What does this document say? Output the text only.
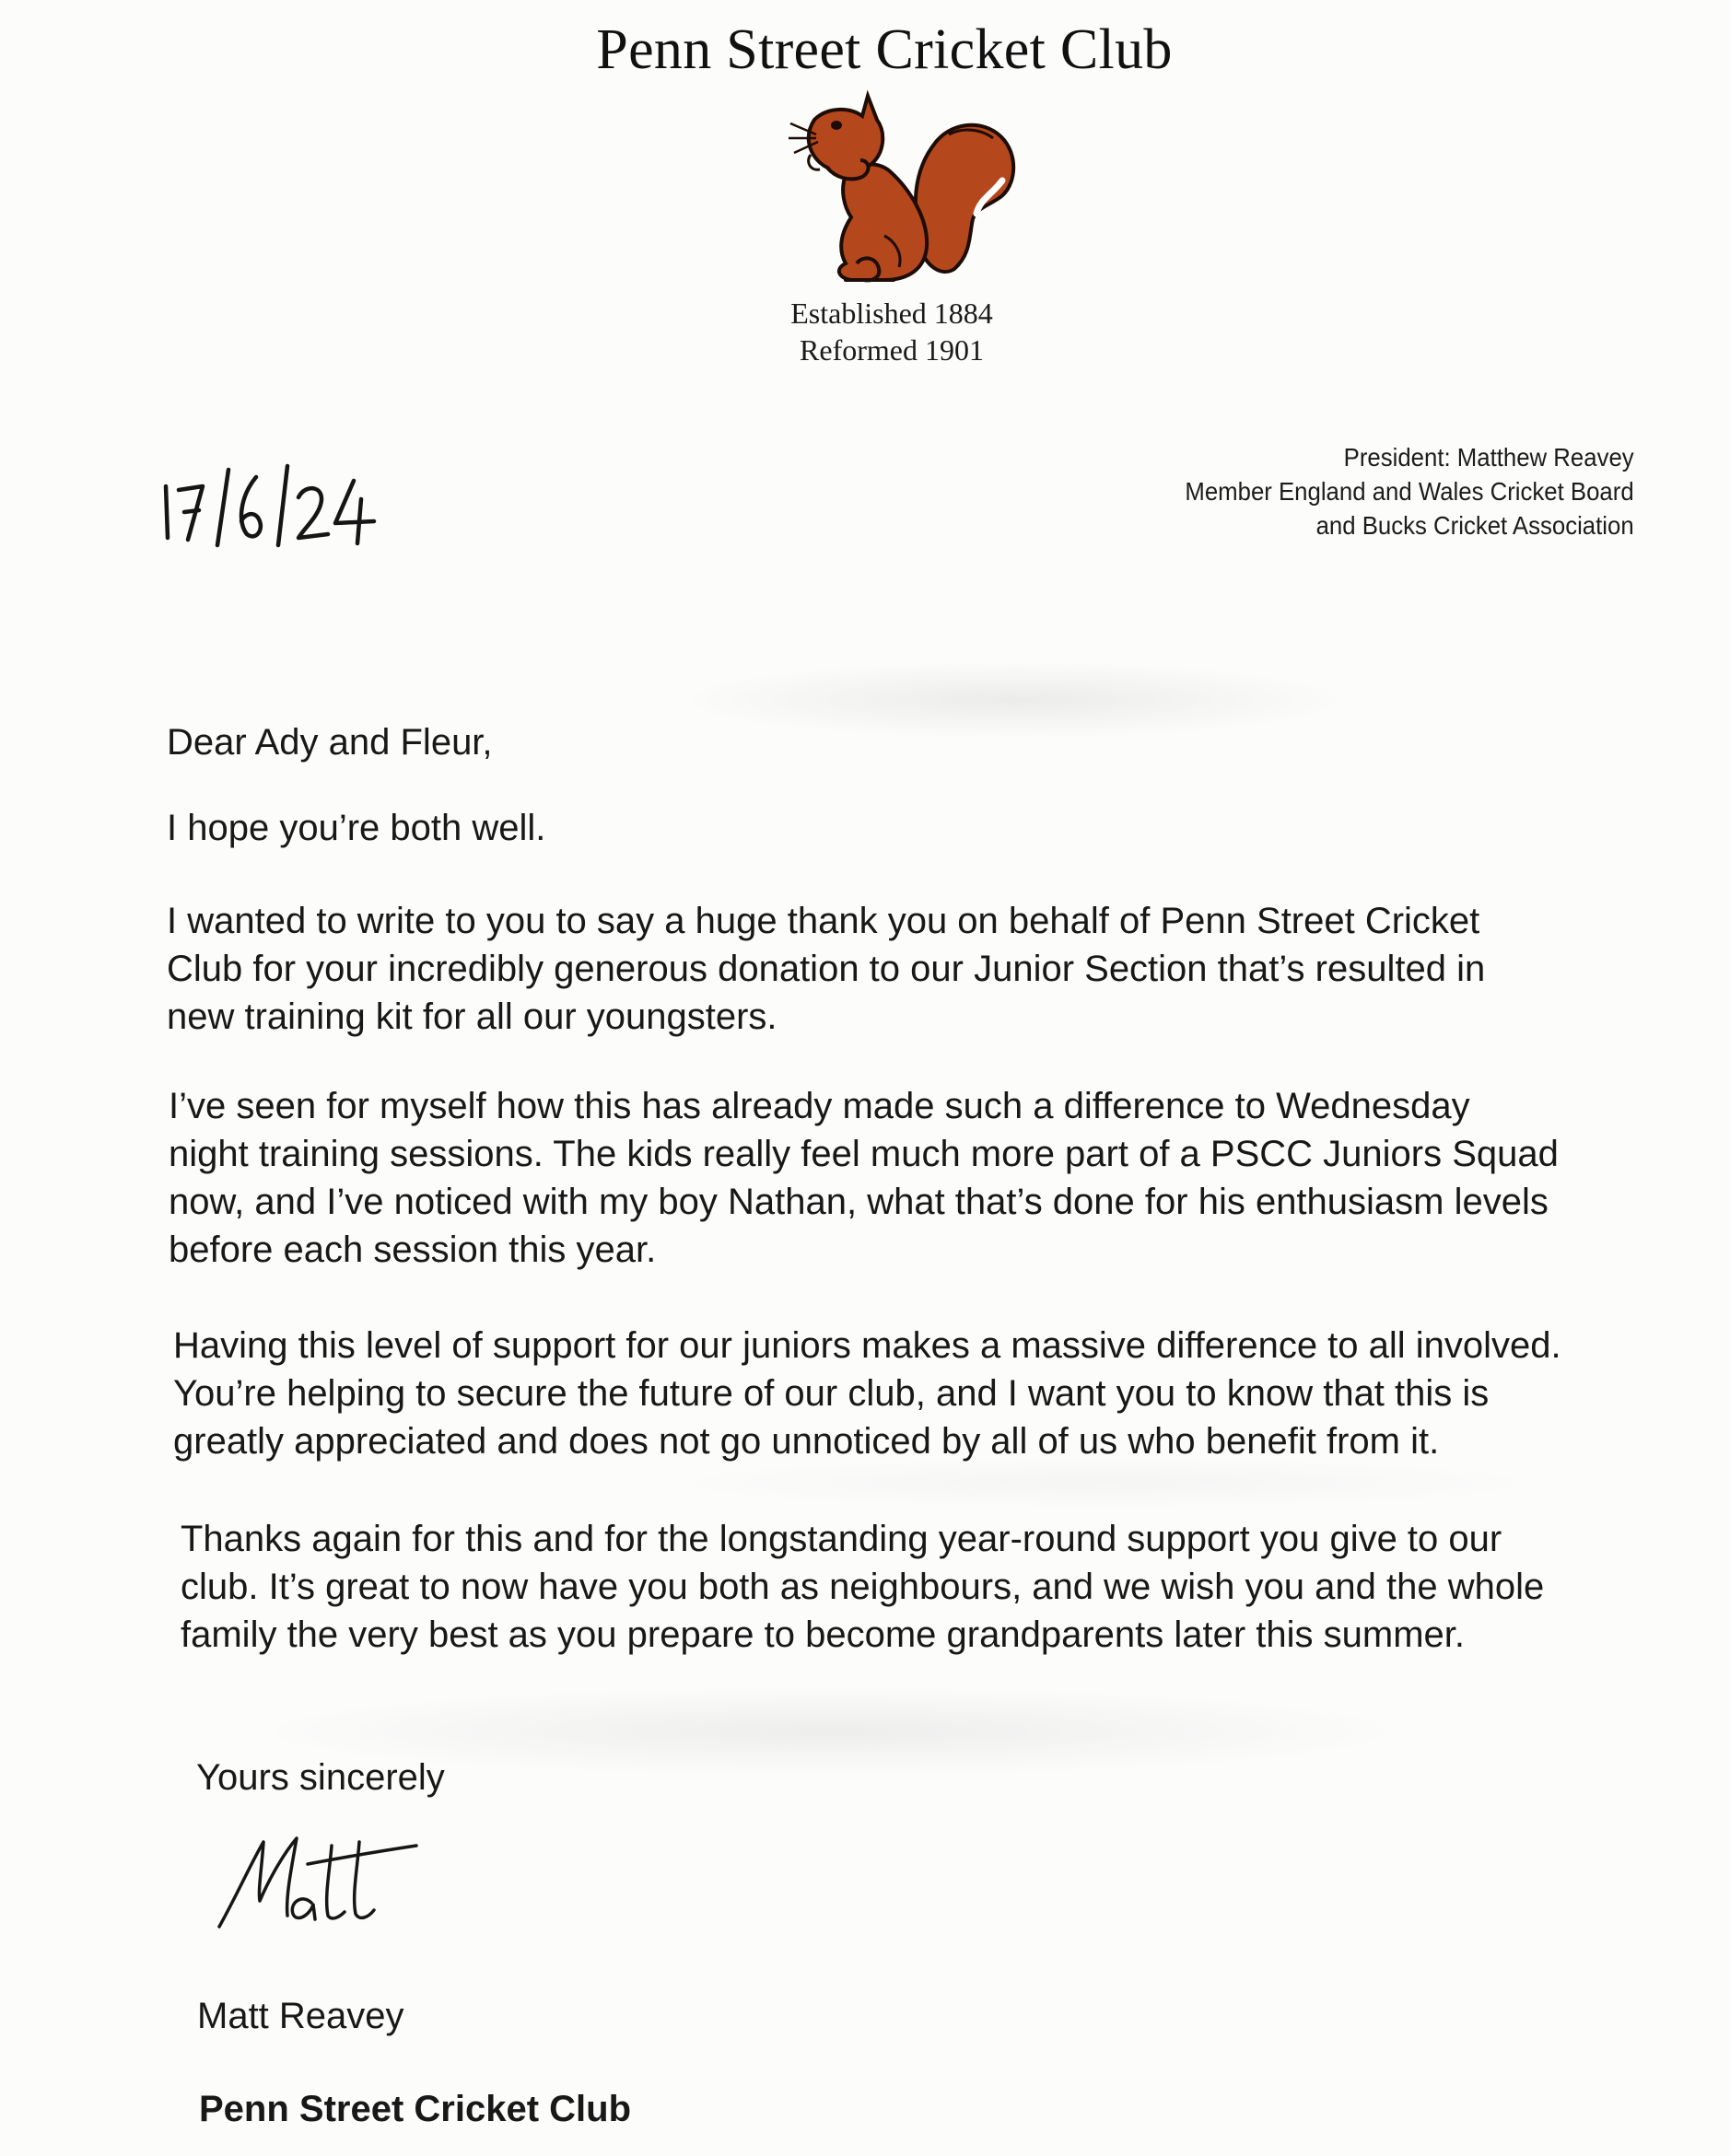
Penn Street Cricket Club
Established 1884
Reformed 1901
President: Matthew Reavey
Member England and Wales Cricket Board
and Bucks Cricket Association
Dear Ady and Fleur,
I hope you’re both well.
I wanted to write to you to say a huge thank you on behalf of Penn Street Cricket
Club for your incredibly generous donation to our Junior Section that’s resulted in
new training kit for all our youngsters.
I’ve seen for myself how this has already made such a difference to Wednesday
night training sessions. The kids really feel much more part of a PSCC Juniors Squad
now, and I’ve noticed with my boy Nathan, what that’s done for his enthusiasm levels
before each session this year.
Having this level of support for our juniors makes a massive difference to all involved.
You’re helping to secure the future of our club, and I want you to know that this is
greatly appreciated and does not go unnoticed by all of us who benefit from it.
Thanks again for this and for the longstanding year-round support you give to our
club. It’s great to now have you both as neighbours, and we wish you and the whole
family the very best as you prepare to become grandparents later this summer.
Yours sincerely
Matt Reavey
Penn Street Cricket Club
